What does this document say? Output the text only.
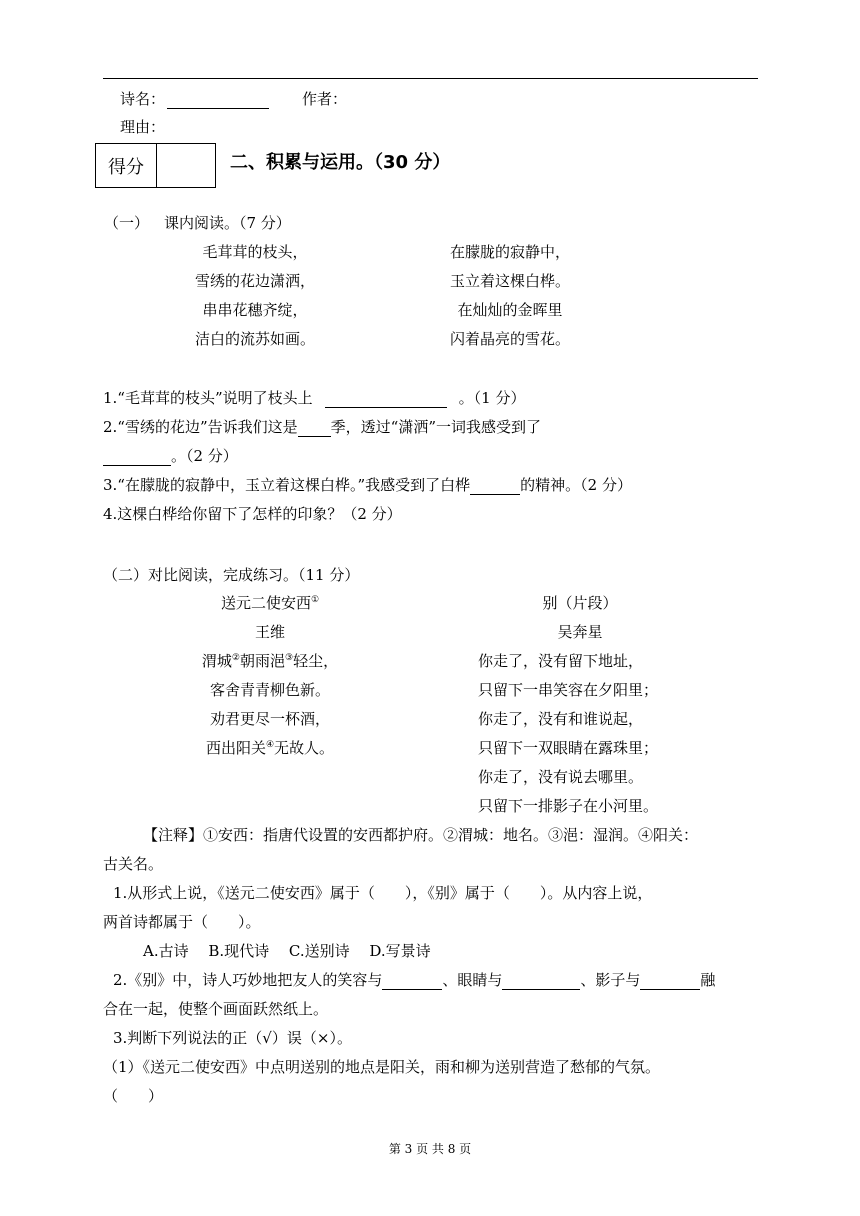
诗名：	作者：
理由：
得分	二、积累与运用。（30 分）
（一） 课内阅读。（7 分）
毛茸茸的枝头，
雪绣的花边潇洒，
串串花穗齐绽，
洁白的流苏如画。
在朦胧的寂静中，
玉立着这棵白桦。
在灿灿的金晖里
闪着晶亮的雪花。
1.“毛茸茸的枝头”说明了枝头上	。（1 分）
2.“雪绣的花边”告诉我们这是 季，透过“潇洒”一词我感受到了
。（2 分）
3.“在朦胧的寂静中，玉立着这棵白桦。”我感受到了白桦	的精神。（2 分）
4.这棵白桦给你留下了怎样的印象？（2 分）
（二）对比阅读，完成练习。（11 分）
送元二使安西①
王维
渭城②朝雨浥③轻尘，
客舍青青柳色新。
劝君更尽一杯酒，
西出阳关④无故人。
别（片段）
吴奔星
你走了，没有留下地址，
只留下一串笑容在夕阳里；
你走了，没有和谁说起，
只留下一双眼睛在露珠里；
你走了，没有说去哪里。
只留下一排影子在小河里。
【注释】①安西：指唐代设置的安西都护府。②渭城：地名。③浥：湿润。④阳关：
古关名。
1.从形式上说，《送元二使安西》属于（　　），《别》属于（　　）。从内容上说，
两首诗都属于（　　）。
A.古诗　 B.现代诗　 C.送别诗　 D.写景诗
2.《别》中，诗人巧妙地把友人的笑容与	、眼睛与	、影子与	融
合在一起，使整个画面跃然纸上。
3.判断下列说法的正（√）误（×）。
（1）《送元二使安西》中点明送别的地点是阳关，雨和柳为送别营造了愁郁的气氛。
（　　）
第 3 页 共 8 页
